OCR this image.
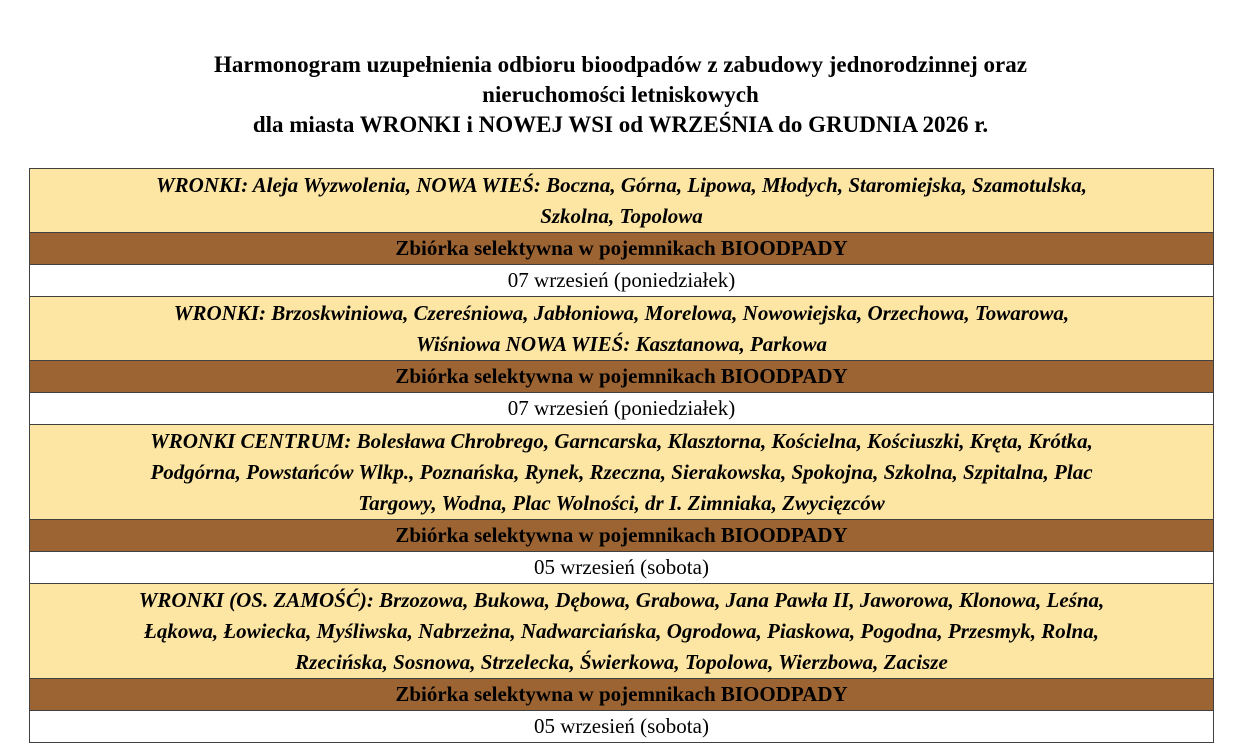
Harmonogram uzupełnienia odbioru bioodpadów z zabudowy jednorodzinnej oraz
nieruchomości letniskowych
dla miasta WRONKI i NOWEJ WSI od WRZEŚNIA do GRUDNIA 2026 r.
WRONKI: Aleja Wyzwolenia, NOWA WIEŚ: Boczna, Górna, Lipowa, Młodych, Staromiejska, Szamotulska,
Szkolna, Topolowa
Zbiórka selektywna w pojemnikach BIOODPADY
07 wrzesień (poniedziałek)
WRONKI: Brzoskwiniowa, Czereśniowa, Jabłoniowa, Morelowa, Nowowiejska, Orzechowa, Towarowa,
Wiśniowa NOWA WIEŚ: Kasztanowa, Parkowa
Zbiórka selektywna w pojemnikach BIOODPADY
07 wrzesień (poniedziałek)
WRONKI CENTRUM: Bolesława Chrobrego, Garncarska, Klasztorna, Kościelna, Kościuszki, Kręta, Krótka,
Podgórna, Powstańców Wlkp., Poznańska, Rynek, Rzeczna, Sierakowska, Spokojna, Szkolna, Szpitalna, Plac
Targowy, Wodna, Plac Wolności, dr I. Zimniaka, Zwycięzców
Zbiórka selektywna w pojemnikach BIOODPADY
05 wrzesień (sobota)
WRONKI (OS. ZAMOŚĆ): Brzozowa, Bukowa, Dębowa, Grabowa, Jana Pawła II, Jaworowa, Klonowa, Leśna,
Łąkowa, Łowiecka, Myśliwska, Nabrzeżna, Nadwarciańska, Ogrodowa, Piaskowa, Pogodna, Przesmyk, Rolna,
Rzecińska, Sosnowa, Strzelecka, Świerkowa, Topolowa, Wierzbowa, Zacisze
Zbiórka selektywna w pojemnikach BIOODPADY
05 wrzesień (sobota)
